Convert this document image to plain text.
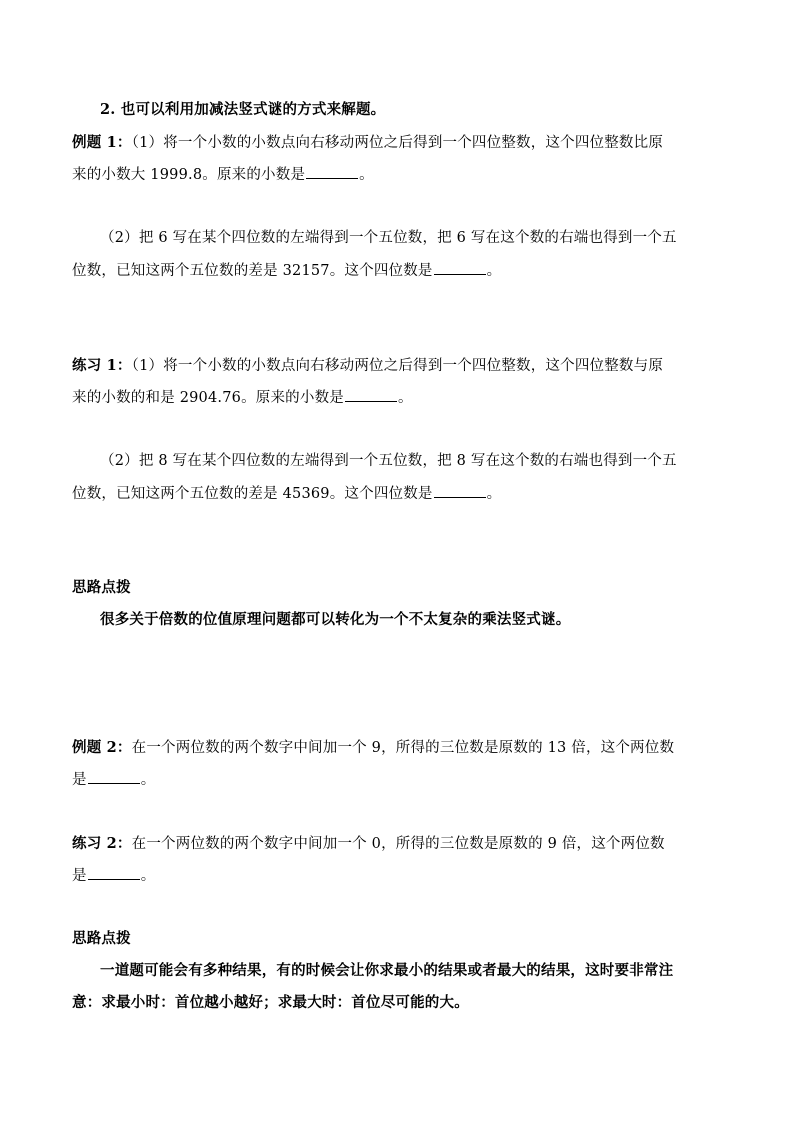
2. 也可以利用加减法竖式谜的方式来解题。
例题 1：（1）将一个小数的小数点向右移动两位之后得到一个四位整数，这个四位整数比原
来的小数大 1999.8。原来的小数是	。
（2）把 6 写在某个四位数的左端得到一个五位数，把 6 写在这个数的右端也得到一个五
位数，已知这两个五位数的差是 32157。这个四位数是	。
练习 1：（1）将一个小数的小数点向右移动两位之后得到一个四位整数，这个四位整数与原
来的小数的和是 2904.76。原来的小数是	。
（2）把 8 写在某个四位数的左端得到一个五位数，把 8 写在这个数的右端也得到一个五
位数，已知这两个五位数的差是 45369。这个四位数是	。
思路点拨
很多关于倍数的位值原理问题都可以转化为一个不太复杂的乘法竖式谜。
例题 2：在一个两位数的两个数字中间加一个 9，所得的三位数是原数的 13 倍，这个两位数
是	。
练习 2：在一个两位数的两个数字中间加一个 0，所得的三位数是原数的 9 倍，这个两位数
是	。
思路点拨
一道题可能会有多种结果，有的时候会让你求最小的结果或者最大的结果，这时要非常注
意：求最小时：首位越小越好；求最大时：首位尽可能的大。
